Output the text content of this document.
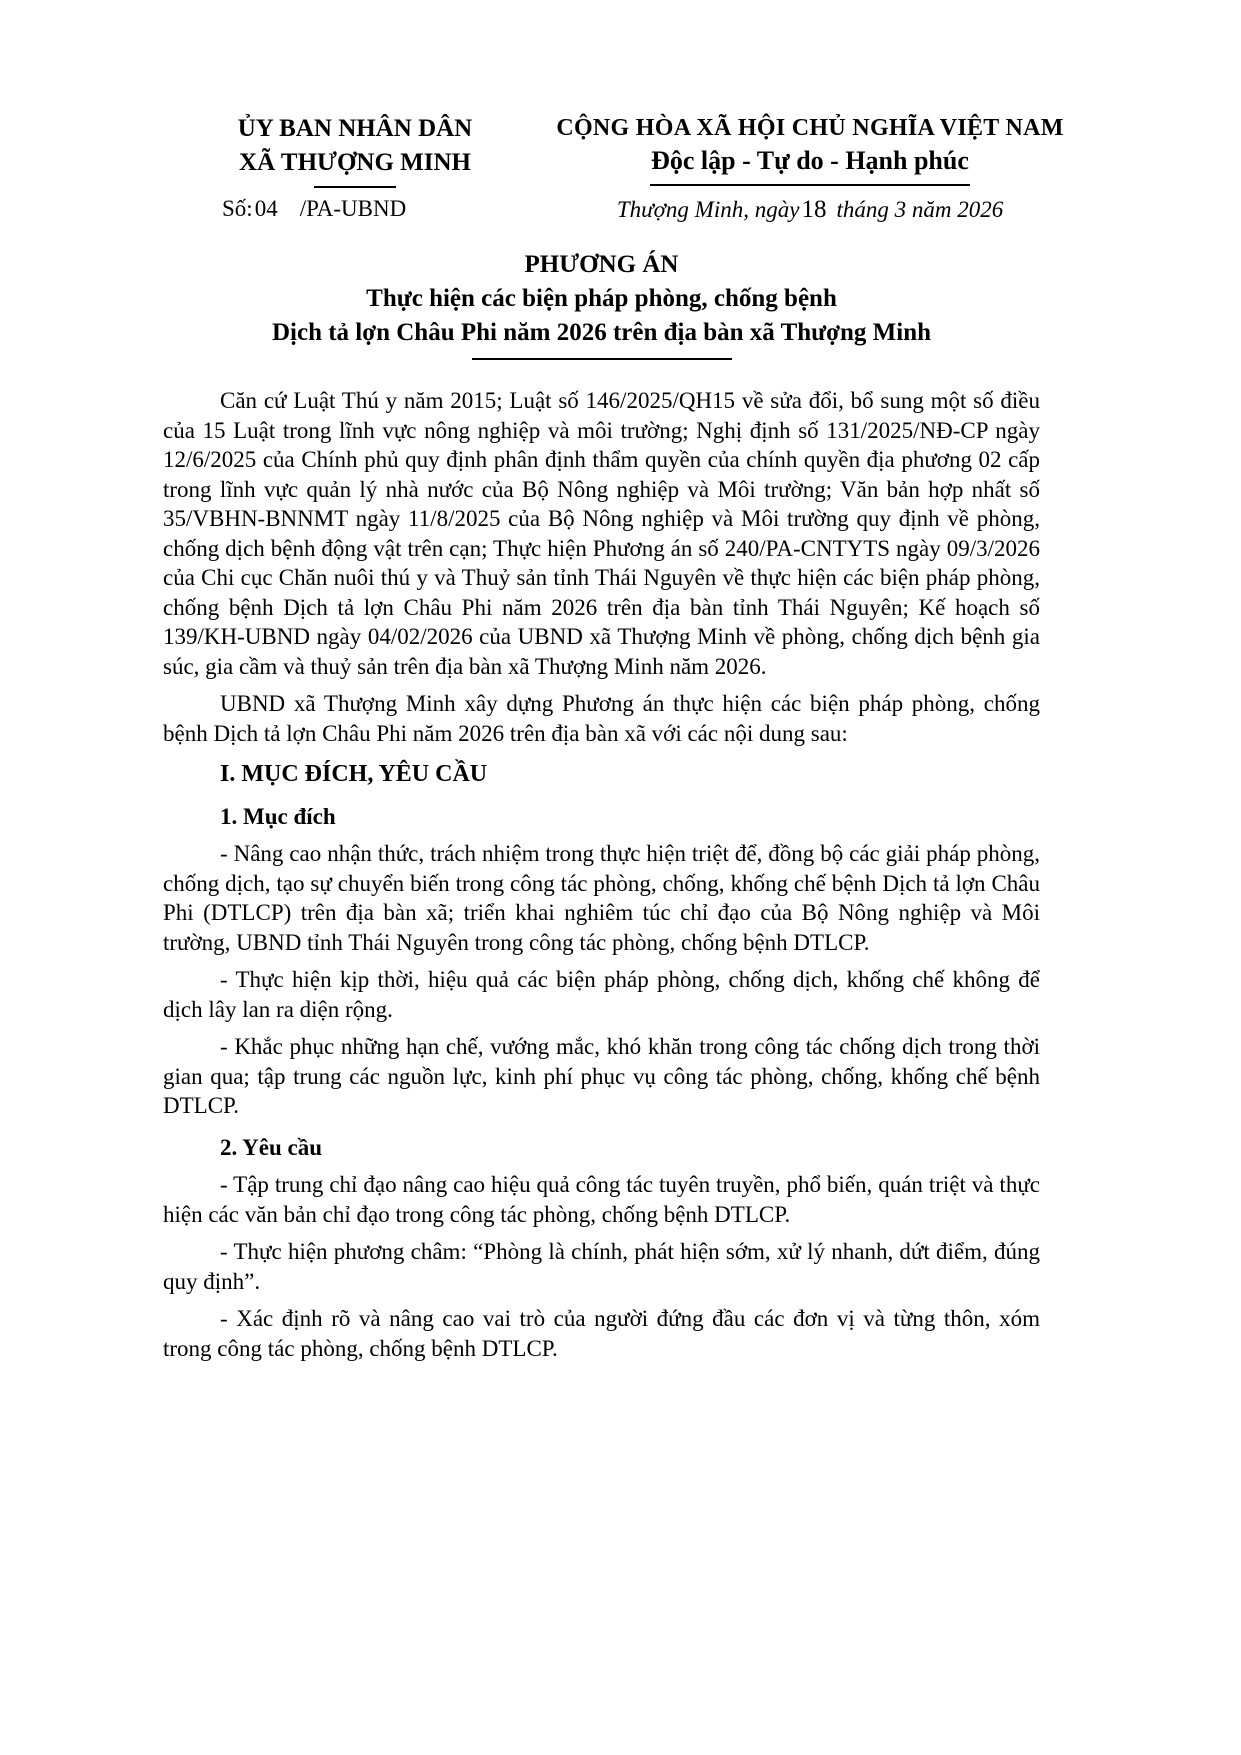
ỦY BAN NHÂN DÂN
XÃ THƯỢNG MINH
CỘNG HÒA XÃ HỘI CHỦ NGHĨA VIỆT NAM
Độc lập - Tự do - Hạnh phúc
Số:04 /PA-UBND	Thượng Minh, ngày18 tháng 3 năm 2026
PHƯƠNG ÁN
Thực hiện các biện pháp phòng, chống bệnh
Dịch tả lợn Châu Phi năm 2026 trên địa bàn xã Thượng Minh
Căn cứ Luật Thú y năm 2015; Luật số 146/2025/QH15 về sửa đổi, bổ sung một số điều của 15 Luật trong lĩnh vực nông nghiệp và môi trường; Nghị định số 131/2025/NĐ-CP ngày 12/6/2025 của Chính phủ quy định phân định thẩm quyền của chính quyền địa phương 02 cấp trong lĩnh vực quản lý nhà nước của Bộ Nông nghiệp và Môi trường; Văn bản hợp nhất số 35/VBHN-BNNMT ngày 11/8/2025 của Bộ Nông nghiệp và Môi trường quy định về phòng, chống dịch bệnh động vật trên cạn; Thực hiện Phương án số 240/PA-CNTYTS ngày 09/3/2026 của Chi cục Chăn nuôi thú y và Thuỷ sản tỉnh Thái Nguyên về thực hiện các biện pháp phòng, chống bệnh Dịch tả lợn Châu Phi năm 2026 trên địa bàn tỉnh Thái Nguyên; Kế hoạch số 139/KH-UBND ngày 04/02/2026 của UBND xã Thượng Minh về phòng, chống dịch bệnh gia súc, gia cầm và thuỷ sản trên địa bàn xã Thượng Minh năm 2026.
UBND xã Thượng Minh xây dựng Phương án thực hiện các biện pháp phòng, chống bệnh Dịch tả lợn Châu Phi năm 2026 trên địa bàn xã với các nội dung sau:
I. MỤC ĐÍCH, YÊU CẦU
1. Mục đích
- Nâng cao nhận thức, trách nhiệm trong thực hiện triệt để, đồng bộ các giải pháp phòng, chống dịch, tạo sự chuyển biến trong công tác phòng, chống, khống chế bệnh Dịch tả lợn Châu Phi (DTLCP) trên địa bàn xã; triển khai nghiêm túc chỉ đạo của Bộ Nông nghiệp và Môi trường, UBND tỉnh Thái Nguyên trong công tác phòng, chống bệnh DTLCP.
- Thực hiện kịp thời, hiệu quả các biện pháp phòng, chống dịch, khống chế không để dịch lây lan ra diện rộng.
- Khắc phục những hạn chế, vướng mắc, khó khăn trong công tác chống dịch trong thời gian qua; tập trung các nguồn lực, kinh phí phục vụ công tác phòng, chống, khống chế bệnh DTLCP.
2. Yêu cầu
- Tập trung chỉ đạo nâng cao hiệu quả công tác tuyên truyền, phổ biến, quán triệt và thực hiện các văn bản chỉ đạo trong công tác phòng, chống bệnh DTLCP.
- Thực hiện phương châm: “Phòng là chính, phát hiện sớm, xử lý nhanh, dứt điểm, đúng quy định”.
- Xác định rõ và nâng cao vai trò của người đứng đầu các đơn vị và từng thôn, xóm trong công tác phòng, chống bệnh DTLCP.
